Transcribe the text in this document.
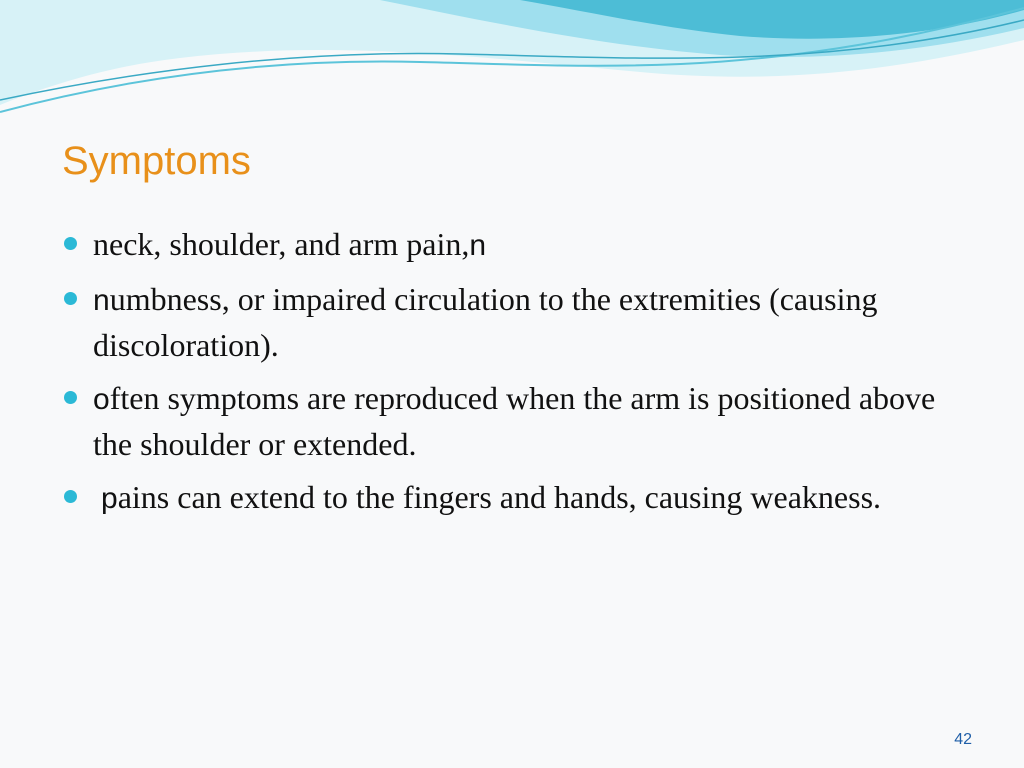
Symptoms
neck, shoulder, and arm pain,n
numbness, or impaired circulation to the extremities (causing discoloration).
often symptoms are reproduced when the arm is positioned above the shoulder or extended.
pains can extend to the fingers and hands, causing weakness.
42
